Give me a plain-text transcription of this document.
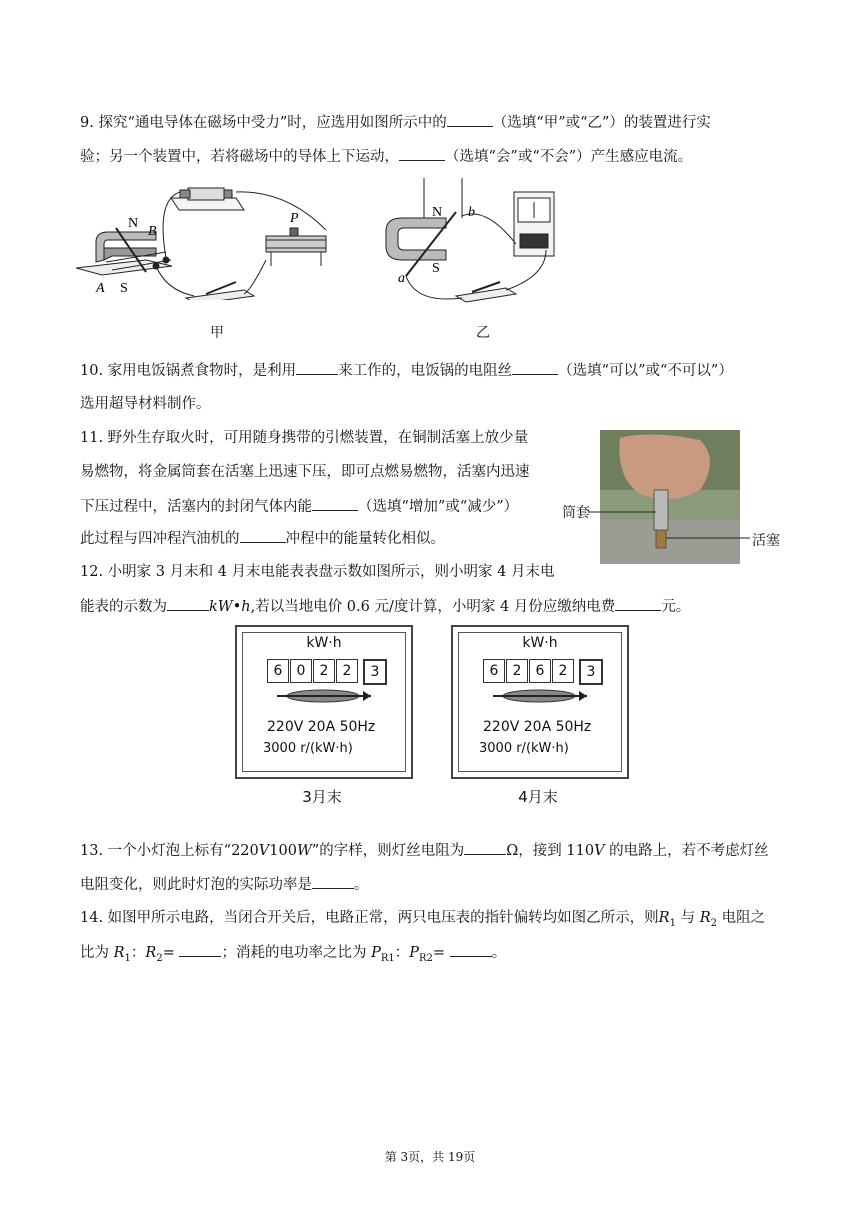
9. 探究“通电导体在磁场中受力”时，应选用如图所示中的	（选填“甲”或“乙”）的装置进行实
验；另一个装置中，若将磁场中的导体上下运动，	（选填“会”或“不会”）产生感应电流。
N
B
A S
P
甲
N b
a
S
乙
10. 家用电饭锅煮食物时，是利用	来工作的，电饭锅的电阻丝	（选填“可以”或“不可以”）
选用超导材料制作。
11. 野外生存取火时，可用随身携带的引燃装置，在铜制活塞上放少量
易燃物，将金属筒套在活塞上迅速下压，即可点燃易燃物，活塞内迅速
下压过程中，活塞内的封闭气体内能	（选填“增加”或“减少”）
此过程与四冲程汽油机的	冲程中的能量转化相似。
筒套
活塞
12. 小明家 3 月末和 4 月末电能表表盘示数如图所示，则小明家 4 月末电
能表的示数为	kW•h,若以当地电价 0.6 元/度计算，小明家 4 月份应缴纳电费	元。
kW·h
6	0	2	2	3
220V 20A 50Hz
3000 r/(kW·h)
3月末
kW·h
6	2	6	2	3
220V 20A 50Hz
3000 r/(kW·h)
4月末
13. 一个小灯泡上标有“220V100W”的字样，则灯丝电阻为	Ω，接到 110V 的电路上，若不考虑灯丝
电阻变化，则此时灯泡的实际功率是	。
14. 如图甲所示电路，当闭合开关后，电路正常，两只电压表的指针偏转均如图乙所示，则$R_1$ 与 $R_2$ 电阻之
比为 $R_1$：$R_2=$	；消耗的电功率之比为 $P_{R1}$：$P_{R2}=$	。
第 3页，共 19页
